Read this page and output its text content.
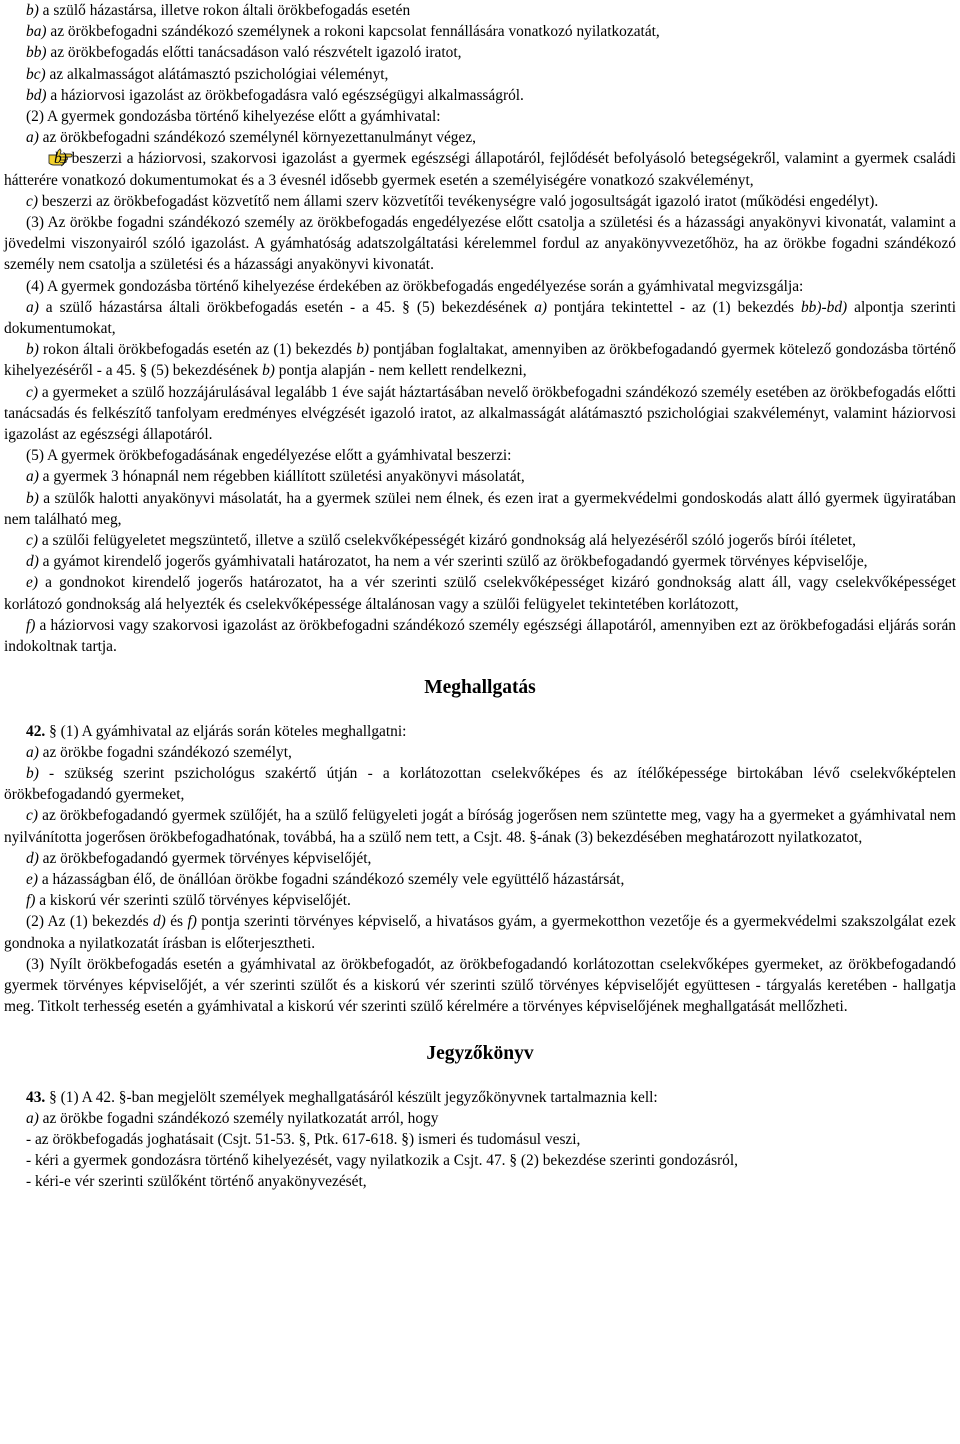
b) a szülő házastársa, illetve rokon általi örökbefogadás esetén

ba) az örökbefogadni szándékozó személynek a rokoni kapcsolat fennállására vonatkozó nyilatkozatát,

bb) az örökbefogadás előtti tanácsadáson való részvételt igazoló iratot,

bc) az alkalmasságot alátámasztó pszichológiai véleményt,

bd) a háziorvosi igazolást az örökbefogadásra való egészségügyi alkalmasságról.

(2) A gyermek gondozásba történő kihelyezése előtt a gyámhivatal:

a) az örökbefogadni szándékozó személynél környezettanulmányt végez,

b) beszerzi a háziorvosi, szakorvosi igazolást a gyermek egészségi állapotáról, fejlődését befolyásoló betegségekről, valamint a gyermek családi hátterére vonatkozó dokumentumokat és a 3 évesnél idősebb gyermek esetén a személyiségére vonatkozó szakvéleményt,

c) beszerzi az örökbefogadást közvetítő nem állami szerv közvetítői tevékenységre való jogosultságát igazoló iratot (működési engedélyt).

(3) Az örökbe fogadni szándékozó személy az örökbefogadás engedélyezése előtt csatolja a születési és a házassági anyakönyvi kivonatát, valamint a jövedelmi viszonyairól szóló igazolást. A gyámhatóság adatszolgáltatási kérelemmel fordul az anyakönyvvezetőhöz, ha az örökbe fogadni szándékozó személy nem csatolja a születési és a házassági anyakönyvi kivonatát.

(4) A gyermek gondozásba történő kihelyezése érdekében az örökbefogadás engedélyezése során a gyámhivatal megvizsgálja:

a) a szülő házastársa általi örökbefogadás esetén - a 45. § (5) bekezdésének a) pontjára tekintettel - az (1) bekezdés bb)-bd) alpontja szerinti dokumentumokat,

b) rokon általi örökbefogadás esetén az (1) bekezdés b) pontjában foglaltakat, amennyiben az örökbefogadandó gyermek kötelező gondozásba történő kihelyezéséről - a 45. § (5) bekezdésének b) pontja alapján - nem kellett rendelkezni,

c) a gyermeket a szülő hozzájárulásával legalább 1 éve saját háztartásában nevelő örökbefogadni szándékozó személy esetében az örökbefogadás előtti tanácsadás és felkészítő tanfolyam eredményes elvégzését igazoló iratot, az alkalmasságát alátámasztó pszichológiai szakvéleményt, valamint háziorvosi igazolást az egészségi állapotáról.

(5) A gyermek örökbefogadásának engedélyezése előtt a gyámhivatal beszerzi:

a) a gyermek 3 hónapnál nem régebben kiállított születési anyakönyvi másolatát,

b) a szülők halotti anyakönyvi másolatát, ha a gyermek szülei nem élnek, és ezen irat a gyermekvédelmi gondoskodás alatt álló gyermek ügyiratában nem található meg,

c) a szülői felügyeletet megszüntető, illetve a szülő cselekvőképességét kizáró gondnokság alá helyezéséről szóló jogerős bírói ítéletet,

d) a gyámot kirendelő jogerős gyámhivatali határozatot, ha nem a vér szerinti szülő az örökbefogadandó gyermek törvényes képviselője,

e) a gondnokot kirendelő jogerős határozatot, ha a vér szerinti szülő cselekvőképességet kizáró gondnokság alatt áll, vagy cselekvőképességet korlátozó gondnokság alá helyezték és cselekvőképessége általánosan vagy a szülői felügyelet tekintetében korlátozott,

f) a háziorvosi vagy szakorvosi igazolást az örökbefogadni szándékozó személy egészségi állapotáról, amennyiben ezt az örökbefogadási eljárás során indokoltnak tartja.

Meghallgatás

42. § (1) A gyámhivatal az eljárás során köteles meghallgatni:

a) az örökbe fogadni szándékozó személyt,

b) - szükség szerint pszichológus szakértő útján - a korlátozottan cselekvőképes és az ítélőképessége birtokában lévő cselekvőképtelen örökbefogadandó gyermeket,

c) az örökbefogadandó gyermek szülőjét, ha a szülő felügyeleti jogát a bíróság jogerősen nem szüntette meg, vagy ha a gyermeket a gyámhivatal nem nyilvánította jogerősen örökbefogadhatónak, továbbá, ha a szülő nem tett, a Csjt. 48. §-ának (3) bekezdésében meghatározott nyilatkozatot,

d) az örökbefogadandó gyermek törvényes képviselőjét,

e) a házasságban élő, de önállóan örökbe fogadni szándékozó személy vele együttélő házastársát,

f) a kiskorú vér szerinti szülő törvényes képviselőjét.

(2) Az (1) bekezdés d) és f) pontja szerinti törvényes képviselő, a hivatásos gyám, a gyermekotthon vezetője és a gyermekvédelmi szakszolgálat ezek gondnoka a nyilatkozatát írásban is előterjesztheti.

(3) Nyílt örökbefogadás esetén a gyámhivatal az örökbefogadót, az örökbefogadandó korlátozottan cselekvőképes gyermeket, az örökbefogadandó gyermek törvényes képviselőjét, a vér szerinti szülőt és a kiskorú vér szerinti szülő törvényes képviselőjét együttesen - tárgyalás keretében - hallgatja meg. Titkolt terhesség esetén a gyámhivatal a kiskorú vér szerinti szülő kérelmére a törvényes képviselőjének meghallgatását mellőzheti.

Jegyzőkönyv

43. § (1) A 42. §-ban megjelölt személyek meghallgatásáról készült jegyzőkönyvnek tartalmaznia kell:

a) az örökbe fogadni szándékozó személy nyilatkozatát arról, hogy

- az örökbefogadás joghatásait (Csjt. 51-53. §, Ptk. 617-618. §) ismeri és tudomásul veszi,

- kéri a gyermek gondozásra történő kihelyezését, vagy nyilatkozik a Csjt. 47. § (2) bekezdése szerinti gondozásról,

- kéri-e vér szerinti szülőként történő anyakönyvezését,
